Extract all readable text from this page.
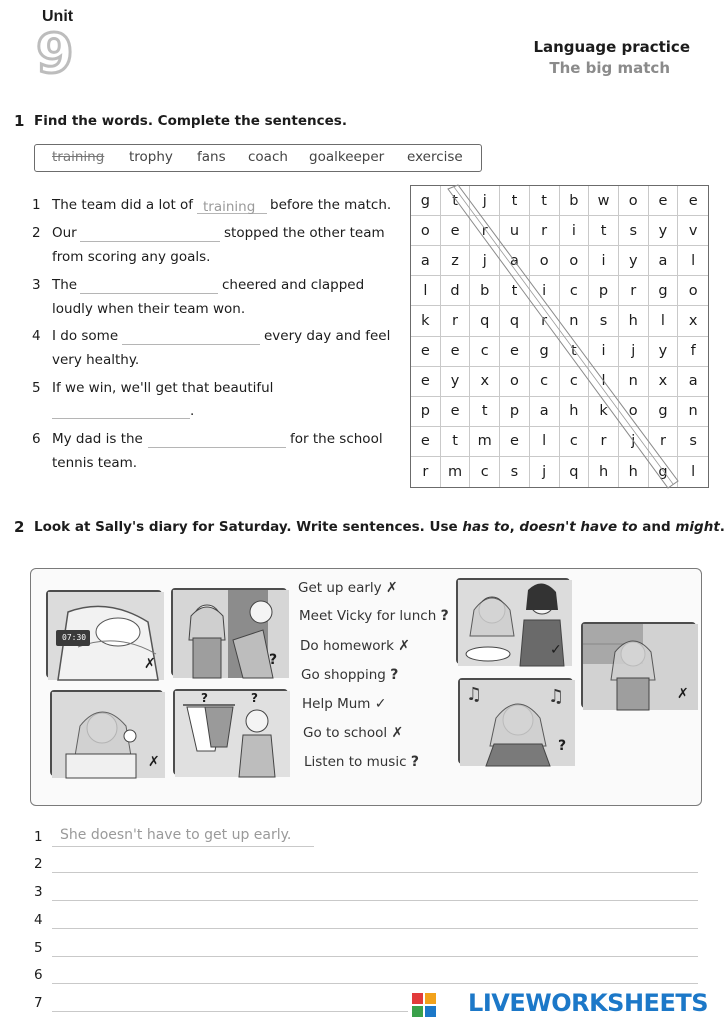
Unit
9	Language practice
The big match
1 Find the words. Complete the sentences.
training trophy fans coach goalkeeper exercise
1 The team did a lot of training	before the match.
2 Our	stopped the other team
from scoring any goals.
3 The	cheered and clapped
loudly when their team won.
4 I do some	every day and feel
very healthy.
5 If we win, we'll get that beautiful
.
6 My dad is the	for the school
tennis team.
g	t	j	t	t	b	w	o	e	e
o	e	r	u	r	i	t	s	y	v
a	z	j	a	o	o	i	y	a	l
l	d	b	t	i	c	p	r	g	o
k	r	q	q	r	n	s	h	l	x
e	e	c	e	g	t	i	j	y	f
e	y	x	o	c	c	l	n	x	a
p	e	t	p	a	h	k	o	g	n
e	t	m	e	l	c	r	j	r	s
r	m	c	s	j	q	h	h	g	l
2 Look at Sally's diary for Saturday. Write sentences. Use has to, doesn't have to and might.
07:30
✗	?
✗
?	?
Get up early ✗
Meet Vicky for lunch ?
Do homework ✗
Go shopping ?
Help Mum ✓
Go to school ✗
Listen to music ?
✓
✗
♫	♫
?
1 She doesn't have to get up early.
2
3
4
5
6
7	LIVEWORKSHEETS
